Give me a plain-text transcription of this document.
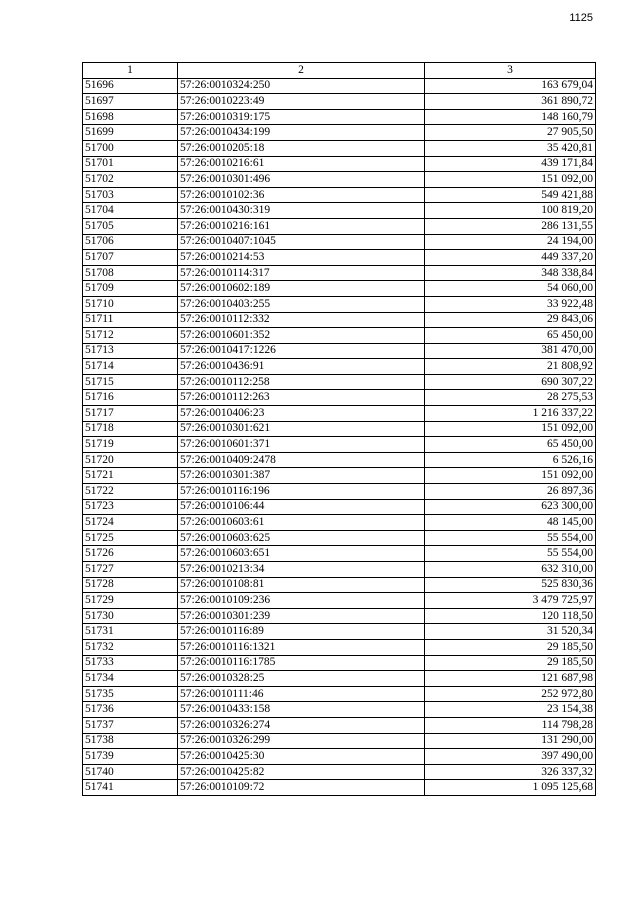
1125
1	2	3
51696	57:26:0010324:250	163 679,04
51697	57:26:0010223:49	361 890,72
51698	57:26:0010319:175	148 160,79
51699	57:26:0010434:199	27 905,50
51700	57:26:0010205:18	35 420,81
51701	57:26:0010216:61	439 171,84
51702	57:26:0010301:496	151 092,00
51703	57:26:0010102:36	549 421,88
51704	57:26:0010430:319	100 819,20
51705	57:26:0010216:161	286 131,55
51706	57:26:0010407:1045	24 194,00
51707	57:26:0010214:53	449 337,20
51708	57:26:0010114:317	348 338,84
51709	57:26:0010602:189	54 060,00
51710	57:26:0010403:255	33 922,48
51711	57:26:0010112:332	29 843,06
51712	57:26:0010601:352	65 450,00
51713	57:26:0010417:1226	381 470,00
51714	57:26:0010436:91	21 808,92
51715	57:26:0010112:258	690 307,22
51716	57:26:0010112:263	28 275,53
51717	57:26:0010406:23	1 216 337,22
51718	57:26:0010301:621	151 092,00
51719	57:26:0010601:371	65 450,00
51720	57:26:0010409:2478	6 526,16
51721	57:26:0010301:387	151 092,00
51722	57:26:0010116:196	26 897,36
51723	57:26:0010106:44	623 300,00
51724	57:26:0010603:61	48 145,00
51725	57:26:0010603:625	55 554,00
51726	57:26:0010603:651	55 554,00
51727	57:26:0010213:34	632 310,00
51728	57:26:0010108:81	525 830,36
51729	57:26:0010109:236	3 479 725,97
51730	57:26:0010301:239	120 118,50
51731	57:26:0010116:89	31 520,34
51732	57:26:0010116:1321	29 185,50
51733	57:26:0010116:1785	29 185,50
51734	57:26:0010328:25	121 687,98
51735	57:26:0010111:46	252 972,80
51736	57:26:0010433:158	23 154,38
51737	57:26:0010326:274	114 798,28
51738	57:26:0010326:299	131 290,00
51739	57:26:0010425:30	397 490,00
51740	57:26:0010425:82	326 337,32
51741	57:26:0010109:72	1 095 125,68
